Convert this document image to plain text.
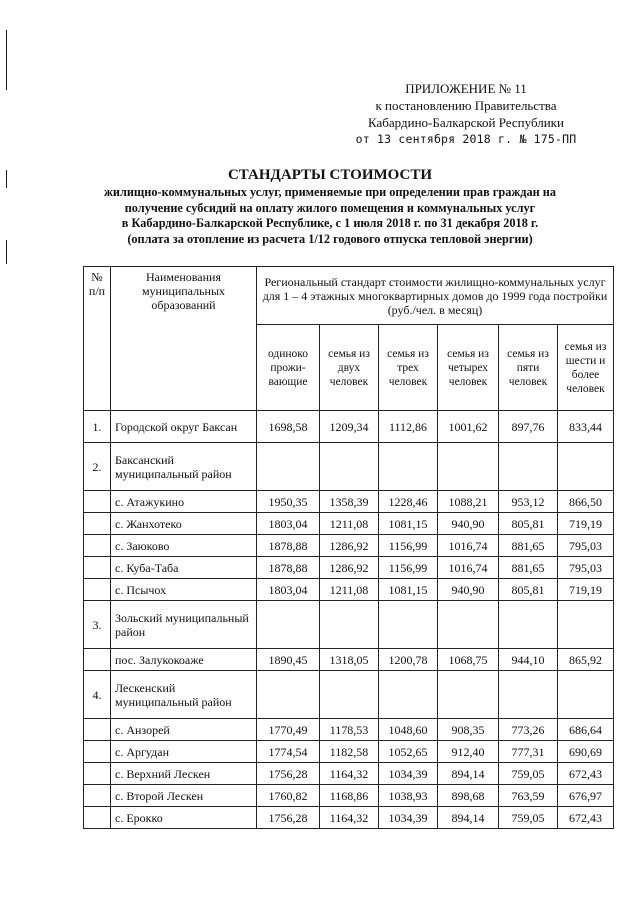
ПРИЛОЖЕНИЕ № 11
к постановлению Правительства
Кабардино-Балкарской Республики
от 13 сентября 2018 г. № 175-ПП
СТАНДАРТЫ СТОИМОСТИ
жилищно-коммунальных услуг, применяемые при определении прав граждан на
получение субсидий на оплату жилого помещения и коммунальных услуг
в Кабардино-Балкарской Республике, с 1 июля 2018 г. по 31 декабря 2018 г.
(оплата за отопление из расчета 1/12 годового отпуска тепловой энергии)
№ п/п	Наименования муниципальных образований	Региональный стандарт стоимости жилищно-коммунальных услуг для 1 – 4 этажных многоквартирных домов до 1999 года постройки (руб./чел. в месяц)					
		одиноко прожи-вающие	семья из двух человек	семья из трех человек	семья из четырех человек	семья из пяти человек	семья из шести и более человек
1.	Городской округ Баксан	1698,58	1209,34	1112,86	1001,62	897,76	833,44
2.	Баксанский муниципальный район						
	с. Атажукино	1950,35	1358,39	1228,46	1088,21	953,12	866,50
	с. Жанхотеко	1803,04	1211,08	1081,15	940,90	805,81	719,19
	с. Заюково	1878,88	1286,92	1156,99	1016,74	881,65	795,03
	с. Куба-Таба	1878,88	1286,92	1156,99	1016,74	881,65	795,03
	с. Псычох	1803,04	1211,08	1081,15	940,90	805,81	719,19
3.	Зольский муниципальный район						
	пос. Залукокоаже	1890,45	1318,05	1200,78	1068,75	944,10	865,92
4.	Лескенский муниципальный район						
	с. Анзорей	1770,49	1178,53	1048,60	908,35	773,26	686,64
	с. Аргудан	1774,54	1182,58	1052,65	912,40	777,31	690,69
	с. Верхний Лескен	1756,28	1164,32	1034,39	894,14	759,05	672,43
	с. Второй Лескен	1760,82	1168,86	1038,93	898,68	763,59	676,97
	с. Ерокко	1756,28	1164,32	1034,39	894,14	759,05	672,43
